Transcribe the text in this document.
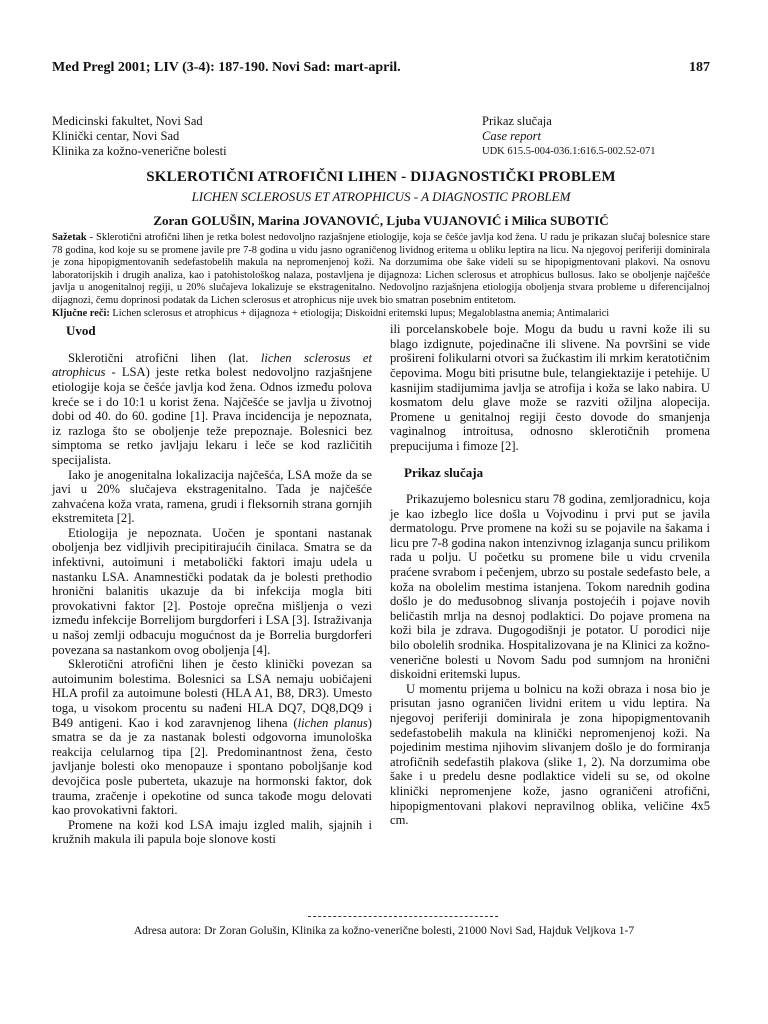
Med Pregl 2001; LIV (3-4): 187-190. Novi Sad: mart-april.	187
Medicinski fakultet, Novi Sad
Klinički centar, Novi Sad
Klinika za kožno-venerične bolesti
Prikaz slučaja
Case report
UDK 615.5-004-036.1:616.5-002.52-071
SKLEROTIČNI ATROFIČNI LIHEN - DIJAGNOSTIČKI PROBLEM
LICHEN SCLEROSUS ET ATROPHICUS - A DIAGNOSTIC PROBLEM
Zoran GOLUŠIN, Marina JOVANOVIĆ, Ljuba VUJANOVIĆ i Milica SUBOTIĆ
Sažetak - Sklerotični atrofični lihen je retka bolest nedovoljno razjašnjene etiologije, koja se češće javlja kod žena. U radu je prikazan slučaj bolesnice stare 78 godina, kod koje su se promene javile pre 7-8 godina u vidu jasno ograničenog lividnog eritema u obliku leptira na licu. Na njegovoj periferiji dominirala je zona hipopigmentovanih sedefastobelih makula na nepromenjenoj koži. Na dorzumima obe šake videli su se hipopigmentovani plakovi. Na osnovu laboratorijskih i drugih analiza, kao i patohistološkog nalaza, postavljena je dijagnoza: Lichen sclerosus et atrophicus bullosus. Iako se oboljenje najčešće javlja u anogenitalnoj regiji, u 20% slučajeva lokalizuje se ekstragenitalno. Nedovoljno razjašnjena etiologija oboljenja stvara probleme u diferencijalnoj dijagnozi, čemu doprinosi podatak da Lichen sclerosus et atrophicus nije uvek bio smatran posebnim entitetom.
Ključne reči: Lichen sclerosus et atrophicus + dijagnoza + etiologija; Diskoidni eritemski lupus; Megaloblastna anemia; Antimalarici
Uvod

Sklerotični atrofični lihen (lat. lichen sclerosus et atrophicus - LSA) jeste retka bolest nedovoljno razjašnjene etiologije koja se češće javlja kod žena. Odnos između polova kreće se i do 10:1 u korist žena. Najčešće se javlja u životnoj dobi od 40. do 60. godine [1]. Prava incidencija je nepoznata, iz razloga što se oboljenje teže prepoznaje. Bolesnici bez simptoma se retko javljaju lekaru i leče se kod različitih specijalista.

Iako je anogenitalna lokalizacija najčešća, LSA može da se javi u 20% slučajeva ekstragenitalno. Tada je najčešće zahvaćena koža vrata, ramena, grudi i fleksornih strana gornjih ekstremiteta [2].

Etiologija je nepoznata. Uočen je spontani nastanak oboljenja bez vidljivih precipitirajućih činilaca. Smatra se da infektivni, autoimuni i metabolički faktori imaju udela u nastanku LSA. Anamnestički podatak da je bolesti prethodio hronični balanitis ukazuje da bi infekcija mogla biti provokativni faktor [2]. Postoje oprečna mišljenja o vezi između infekcije Borrelijom burgdorferi i LSA [3]. Istraživanja u našoj zemlji odbacuju mogućnost da je Borrelia burgdorferi povezana sa nastankom ovog oboljenja [4].

Sklerotični atrofični lihen je često klinički povezan sa autoimunim bolestima. Bolesnici sa LSA nemaju uobičajeni HLA profil za autoimune bolesti (HLA A1, B8, DR3). Umesto toga, u visokom procentu su nađeni HLA DQ7, DQ8,DQ9 i B49 antigeni. Kao i kod zaravnjenog lihena (lichen planus) smatra se da je za nastanak bolesti odgovorna imunološka reakcija celularnog tipa [2]. Predominantnost žena, često javljanje bolesti oko menopauze i spontano poboljšanje kod devojčica posle puberteta, ukazuje na hormonski faktor, dok trauma, zračenje i opekotine od sunca takođe mogu delovati kao provokativni faktori.

Promene na koži kod LSA imaju izgled malih, sjajnih i kružnih makula ili papula boje slonove kosti

ili porcelanskobele boje. Mogu da budu u ravni kože ili su blago izdignute, pojedinačne ili slivene. Na površini se vide prošireni folikularni otvori sa žućkastim ili mrkim keratotičnim čepovima. Mogu biti prisutne bule, telangiektazije i petehije. U kasnijim stadijumima javlja se atrofija i koža se lako nabira. U kosmatom delu glave može se razviti ožiljna alopecija. Promene u genitalnoj regiji često dovode do smanjenja vaginalnog introitusa, odnosno sklerotičnih promena prepucijuma i fimoze [2].

Prikaz slučaja

Prikazujemo bolesnicu staru 78 godina, zemljoradnicu, koja je kao izbeglo lice došla u Vojvodinu i prvi put se javila dermatologu. Prve promene na koži su se pojavile na šakama i licu pre 7-8 godina nakon intenzivnog izlaganja suncu prilikom rada u polju. U početku su promene bile u vidu crvenila praćene svrabom i pečenjem, ubrzo su postale sedefasto bele, a koža na obolelim mestima istanjena. Tokom narednih godina došlo je do međusobnog slivanja postojećih i pojave novih beličastih mrlja na desnoj podlaktici. Do pojave promena na koži bila je zdrava. Dugogodišnji je potator. U porodici nije bilo obolelih srodnika. Hospitalizovana je na Klinici za kožno-venerične bolesti u Novom Sadu pod sumnjom na hronični diskoidni eritemski lupus.

U momentu prijema u bolnicu na koži obraza i nosa bio je prisutan jasno ograničen lividni eritem u vidu leptira. Na njegovoj periferiji dominirala je zona hipopigmentovanih sedefastobelih makula na klinički nepromenjenoj koži. Na pojedinim mestima njihovim slivanjem došlo je do formiranja atrofičnih sedefastih plakova (slike 1, 2). Na dorzumima obe šake i u predelu desne podlaktice videli su se, od okolne klinički nepromenjene kože, jasno ograničeni atrofični, hipopigmentovani plakovi nepravilnog oblika, veličine 4x5 cm.

Adresa autora: Dr Zoran Golušin, Klinika za kožno-venerične bolesti, 21000 Novi Sad, Hajduk Veljkova 1-7
